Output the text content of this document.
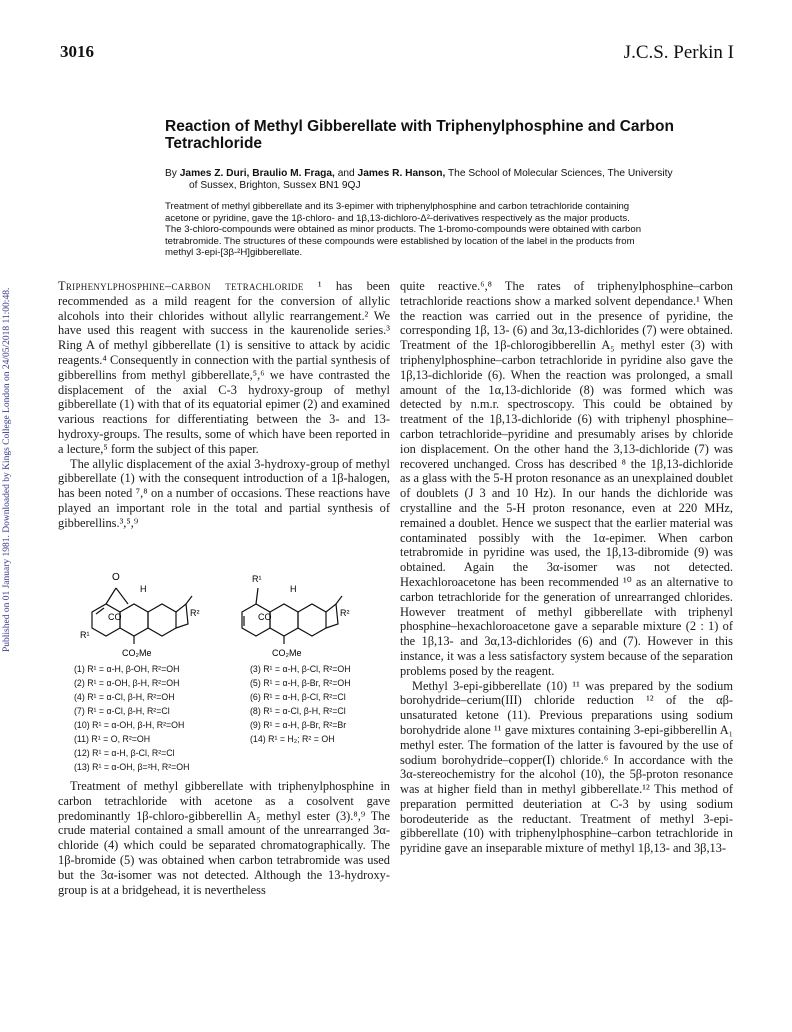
Published on 01 January 1981. Downloaded by Kings College London on 24/05/2018 11:00:48.
3016	J.C.S. Perkin I
Reaction of Methyl Gibberellate with Triphenylphosphine and Carbon Tetrachloride
By James Z. Duri, Braulio M. Fraga, and James R. Hanson, The School of Molecular Sciences, The University
of Sussex, Brighton, Sussex BN1 9QJ

Treatment of methyl gibberellate and its 3-epimer with triphenylphosphine and carbon tetrachloride containing

acetone or pyridine, gave the 1β-chloro- and 1β,13-dichloro-Δ²-derivatives respectively as the major products.

The 3-chloro-compounds were obtained as minor products. The 1-bromo-compounds were obtained with carbon

tetrabromide. The structures of these compounds were established by location of the label in the products from

methyl 3-epi-[3β-²H]gibberellate.

Triphenylphosphine–carbon tetrachloride ¹ has been recommended as a mild reagent for the conversion of allylic alcohols into their chlorides without allylic rearrangement.² We have used this reagent with success in the kaurenolide series.³ Ring A of methyl gibberellate (1) is sensitive to attack by acidic reagents.⁴ Consequently in connection with the partial synthesis of gibberellins from methyl gibberellate,⁵,⁶ we have contrasted the displacement of the axial C-3 hydroxy-group of methyl gibberellate (1) with that of its equatorial epimer (2) and examined various reactions for differentiating between the 3- and 13-hydroxy-groups. The results, some of which have been reported in a lecture,⁵ form the subject of this paper.

The allylic displacement of the axial 3-hydroxy-group of methyl gibberellate (1) with the consequent introduction of a 1β-halogen, has been noted ⁷,⁸ on a number of occasions. These reactions have played an important role in the total and partial synthesis of gibberellins.³,⁵,⁹

O
CO
H
R¹
R²
CO₂Me
R¹
CO
H
R²
CO₂Me
(1) R¹ = α-H, β-OH, R²=OH
(2) R¹ = α-OH, β-H, R²=OH
(4) R¹ = α-Cl, β-H, R²=OH
(7) R¹ = α-Cl, β-H, R²=Cl
(10) R¹ = α-OH, β-H, R²=OH
(11) R¹ = O, R²=OH
(12) R¹ = α-H, β-Cl, R²=Cl
(13) R¹ = α-OH, β=²H, R²=OH
(3) R¹ = α-H, β-Cl, R²=OH
(5) R¹ = α-H, β-Br, R²=OH
(6) R¹ = α-H, β-Cl, R²=Cl
(8) R¹ = α-Cl, β-H, R²=Cl
(9) R¹ = α-H, β-Br, R²=Br
(14) R¹ = H₂; R² = OH

Treatment of methyl gibberellate with triphenylphosphine in carbon tetrachloride with acetone as a cosolvent gave predominantly 1β-chloro-gibberellin A₅ methyl ester (3).⁸,⁹ The crude material contained a small amount of the unrearranged 3α-chloride (4) which could be separated chromatographically. The 1β-bromide (5) was obtained when carbon tetrabromide was used but the 3α-isomer was not detected. Although the 13-hydroxy-group is at a bridgehead, it is nevertheless

quite reactive.⁶,⁸ The rates of triphenylphosphine–carbon tetrachloride reactions show a marked solvent dependance.¹ When the reaction was carried out in the presence of pyridine, the corresponding 1β, 13- (6) and 3α,13-dichlorides (7) were obtained. Treatment of the 1β-chlorogibberellin A₅ methyl ester (3) with triphenylphosphine–carbon tetrachloride in pyridine also gave the 1β,13-dichloride (6). When the reaction was prolonged, a small amount of the 1α,13-dichloride (8) was formed which was detected by n.m.r. spectroscopy. This could be obtained by treatment of the 1β,13-dichloride (6) with triphenyl phosphine–carbon tetrachloride–pyridine and presumably arises by chloride ion displacement. On the other hand the 3,13-dichloride (7) was recovered unchanged. Cross has described ⁸ the 1β,13-dichloride as a glass with the 5-H proton resonance as an unexplained doublet of doublets (J 3 and 10 Hz). In our hands the dichloride was crystalline and the 5-H proton resonance, even at 220 MHz, remained a doublet. Hence we suspect that the earlier material was contaminated possibly with the 1α-epimer. When carbon tetrabromide in pyridine was used, the 1β,13-dibromide (9) was obtained. Again the 3α-isomer was not detected. Hexachloroacetone has been recommended ¹⁰ as an alternative to carbon tetrachloride for the generation of unrearranged chlorides. However treatment of methyl gibberellate with triphenyl phosphine–hexachloroacetone gave a separable mixture (2 : 1) of the 1β,13- and 3α,13-dichlorides (6) and (7). However in this instance, it was a less satisfactory system because of the separation problems posed by the reagent.

Methyl 3-epi-gibberellate (10) ¹¹ was prepared by the sodium borohydride–cerium(III) chloride reduction ¹² of the αβ-unsaturated ketone (11). Previous preparations using sodium borohydride alone ¹¹ gave mixtures containing 3-epi-gibberellin A₁ methyl ester. The formation of the latter is favoured by the use of sodium borohydride–copper(I) chloride.⁶ In accordance with the 3α-stereochemistry for the alcohol (10), the 5β-proton resonance was at higher field than in methyl gibberellate.¹² This method of preparation permitted deuteriation at C-3 by using sodium borodeuteride as the reductant. Treatment of methyl 3-epi-gibberellate (10) with triphenylphosphine–carbon tetrachloride in pyridine gave an inseparable mixture of methyl 1β,13- and 3β,13-
